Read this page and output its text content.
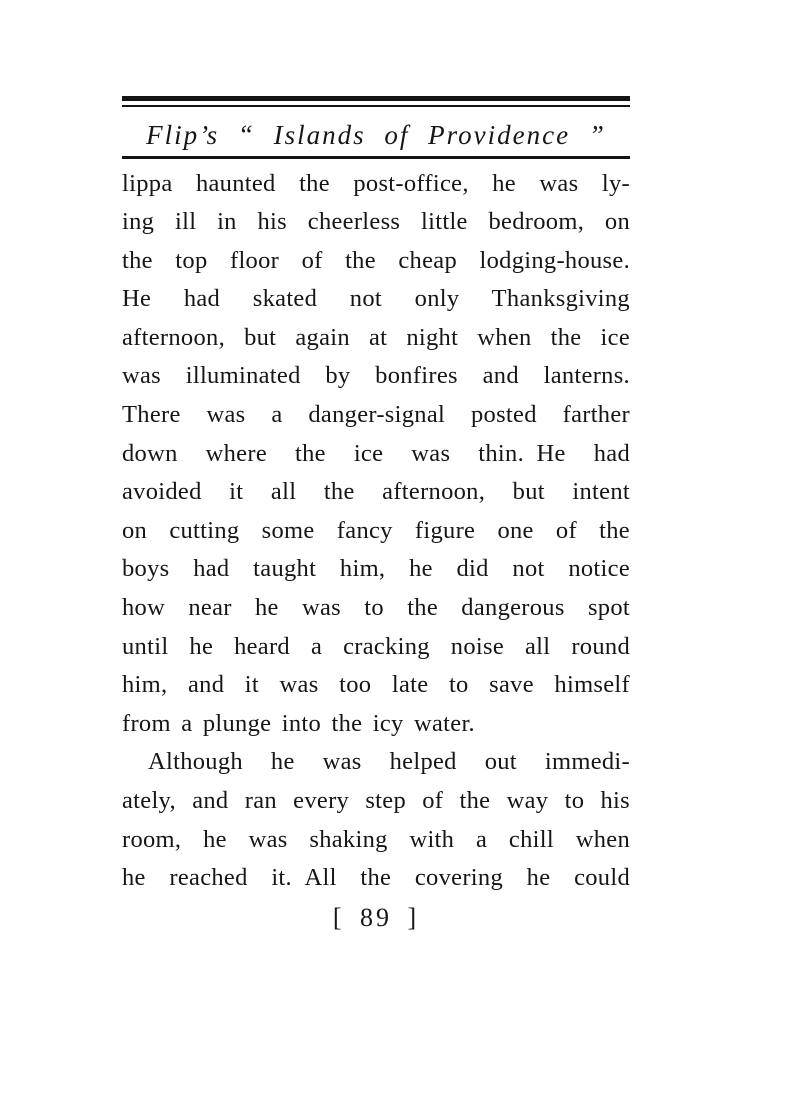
Flip’s “ Islands of Providence ”
lippa haunted the post-office, he was ly-
ing ill in his cheerless little bedroom, on
the top floor of the cheap lodging-house.
He had skated not only Thanksgiving
afternoon, but again at night when the ice
was illuminated by bonfires and lanterns.
There was a danger-signal posted farther
down where the ice was thin. He had
avoided it all the afternoon, but intent
on cutting some fancy figure one of the
boys had taught him, he did not notice
how near he was to the dangerous spot
until he heard a cracking noise all round
him, and it was too late to save himself
from a plunge into the icy water.
Although he was helped out immedi-
ately, and ran every step of the way to his
room, he was shaking with a chill when
he reached it. All the covering he could
[ 89 ]
